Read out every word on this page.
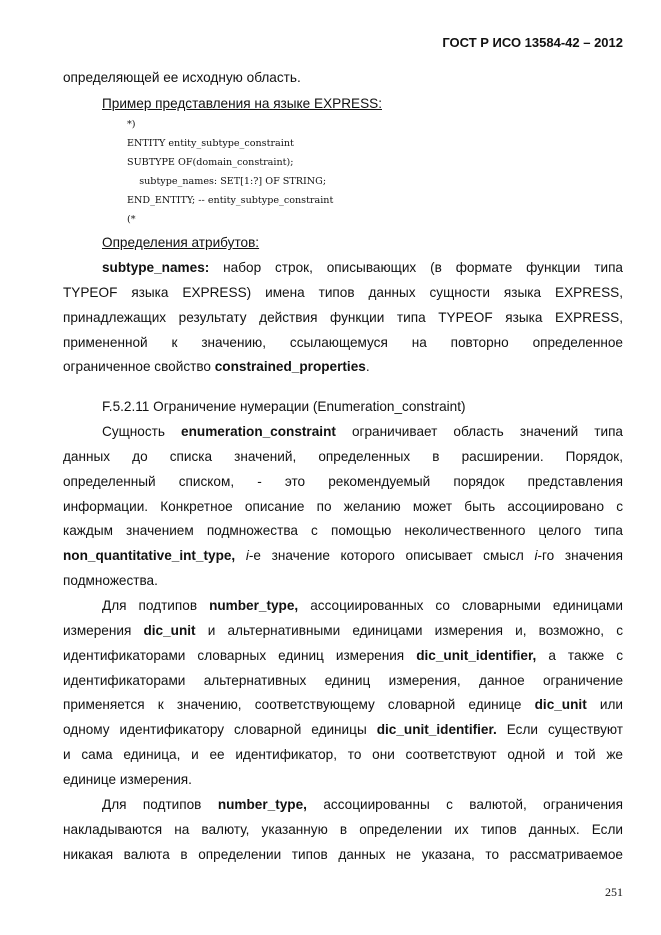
ГОСТ Р ИСО 13584-42 – 2012
определяющей ее исходную область.
Пример представления на языке EXPRESS:
*)
ENTITY entity_subtype_constraint
SUBTYPE OF(domain_constraint);
subtype_names: SET[1:?] OF STRING;
END_ENTITY; -- entity_subtype_constraint
(*
Определения атрибутов:
subtype_names: набор строк, описывающих (в формате функции типа
TYPEOF языка EXPRESS) имена типов данных сущности языка EXPRESS,
принадлежащих результату действия функции типа TYPEOF языка EXPRESS,
примененной к значению, ссылающемуся на повторно определенное
ограниченное свойство constrained_properties.
F.5.2.11 Ограничение нумерации (Enumeration_constraint)
Сущность enumeration_constraint ограничивает область значений типа
данных до списка значений, определенных в расширении. Порядок,
определенный списком, - это рекомендуемый порядок представления
информации. Конкретное описание по желанию может быть ассоциировано с
каждым значением подмножества с помощью неколичественного целого типа
non_quantitative_int_type, i-е значение которого описывает смысл i-го значения
подмножества.
Для подтипов number_type, ассоциированных со словарными единицами
измерения dic_unit и альтернативными единицами измерения и, возможно, с
идентификаторами словарных единиц измерения dic_unit_identifier, а также с
идентификаторами альтернативных единиц измерения, данное ограничение
применяется к значению, соответствующему словарной единице dic_unit или
одному идентификатору словарной единицы dic_unit_identifier. Если существуют
и сама единица, и ее идентификатор, то они соответствуют одной и той же
единице измерения.
Для подтипов number_type, ассоциированны с валютой, ограничения
накладываются на валюту, указанную в определении их типов данных. Если
никакая валюта в определении типов данных не указана, то рассматриваемое
251
